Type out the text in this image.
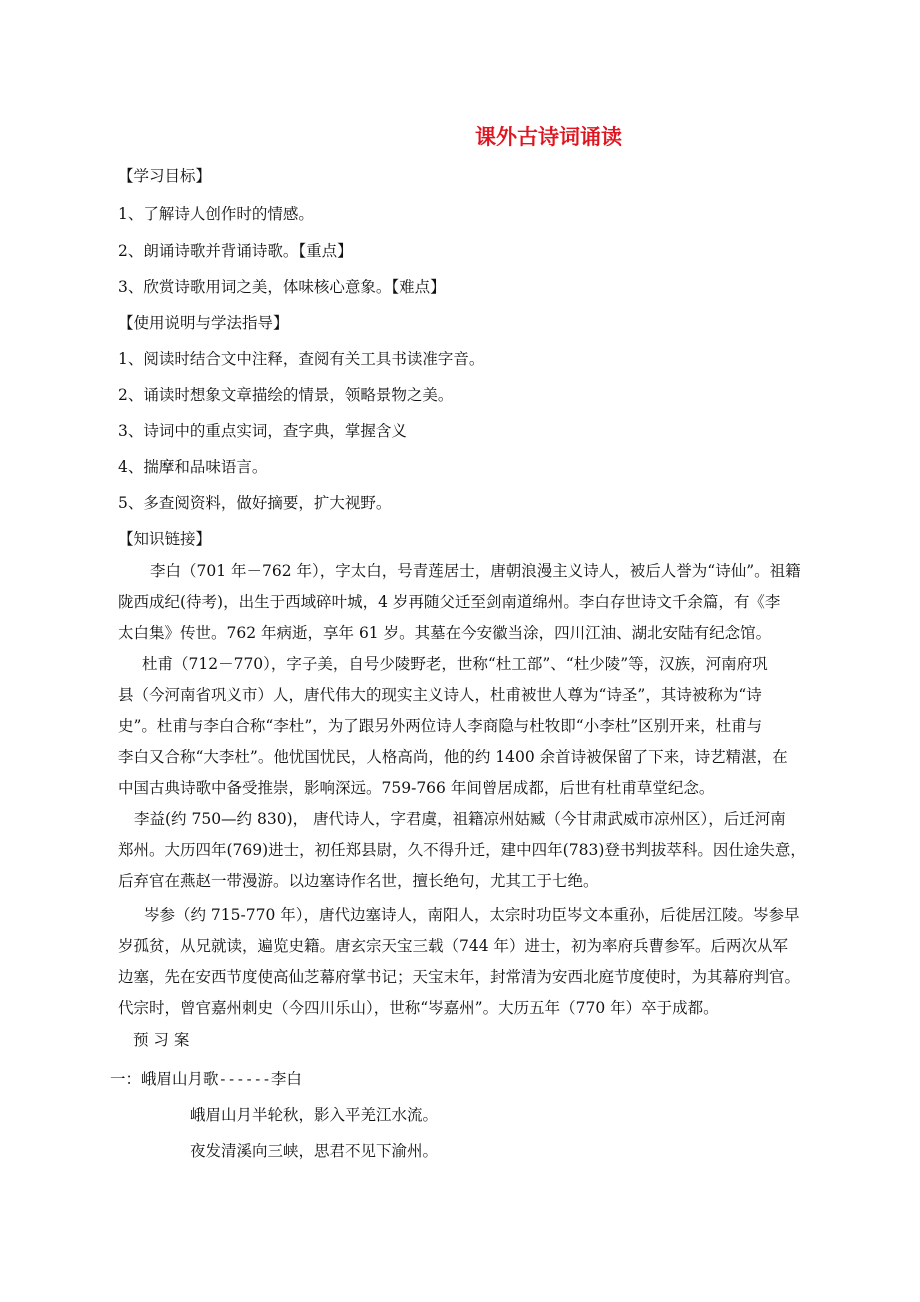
课外古诗词诵读
【学习目标】
1、了解诗人创作时的情感。
2、朗诵诗歌并背诵诗歌。【重点】
3、欣赏诗歌用词之美，体味核心意象。【难点】
【使用说明与学法指导】
1、阅读时结合文中注释，查阅有关工具书读准字音。
2、诵读时想象文章描绘的情景，领略景物之美。
3、诗词中的重点实词，查字典，掌握含义
4、揣摩和品味语言。
5、多查阅资料，做好摘要，扩大视野。
【知识链接】
李白（701 年－762 年），字太白，号青莲居士，唐朝浪漫主义诗人，被后人誉为“诗仙”。祖籍
陇西成纪(待考)，出生于西域碎叶城，4 岁再随父迁至剑南道绵州。李白存世诗文千余篇，有《李
太白集》传世。762 年病逝，享年 61 岁。其墓在今安徽当涂，四川江油、湖北安陆有纪念馆。
杜甫（712－770），字子美，自号少陵野老，世称“杜工部”、“杜少陵”等，汉族，河南府巩
县（今河南省巩义市）人，唐代伟大的现实主义诗人，杜甫被世人尊为“诗圣”，其诗被称为“诗
史”。杜甫与李白合称“李杜”，为了跟另外两位诗人李商隐与杜牧即“小李杜”区别开来，杜甫与
李白又合称“大李杜”。他忧国忧民，人格高尚，他的约 1400 余首诗被保留了下来，诗艺精湛，在
中国古典诗歌中备受推崇，影响深远。759-766 年间曾居成都，后世有杜甫草堂纪念。
李益(约 750—约 830)， 唐代诗人，字君虞，祖籍凉州姑臧（今甘肃武威市凉州区），后迁河南
郑州。大历四年(769)进士，初任郑县尉，久不得升迁，建中四年(783)登书判拔萃科。因仕途失意，
后弃官在燕赵一带漫游。以边塞诗作名世，擅长绝句，尤其工于七绝。
岑参（约 715-770 年），唐代边塞诗人，南阳人，太宗时功臣岑文本重孙，后徙居江陵。岑参早
岁孤贫，从兄就读，遍览史籍。唐玄宗天宝三载（744 年）进士，初为率府兵曹参军。后两次从军
边塞，先在安西节度使高仙芝幕府掌书记；天宝末年，封常清为安西北庭节度使时，为其幕府判官。
代宗时，曾官嘉州刺史（今四川乐山），世称“岑嘉州”。大历五年（770 年）卒于成都。
预 习 案
一：峨眉山月歌------李白
峨眉山月半轮秋，影入平羌江水流。
夜发清溪向三峡，思君不见下渝州。
